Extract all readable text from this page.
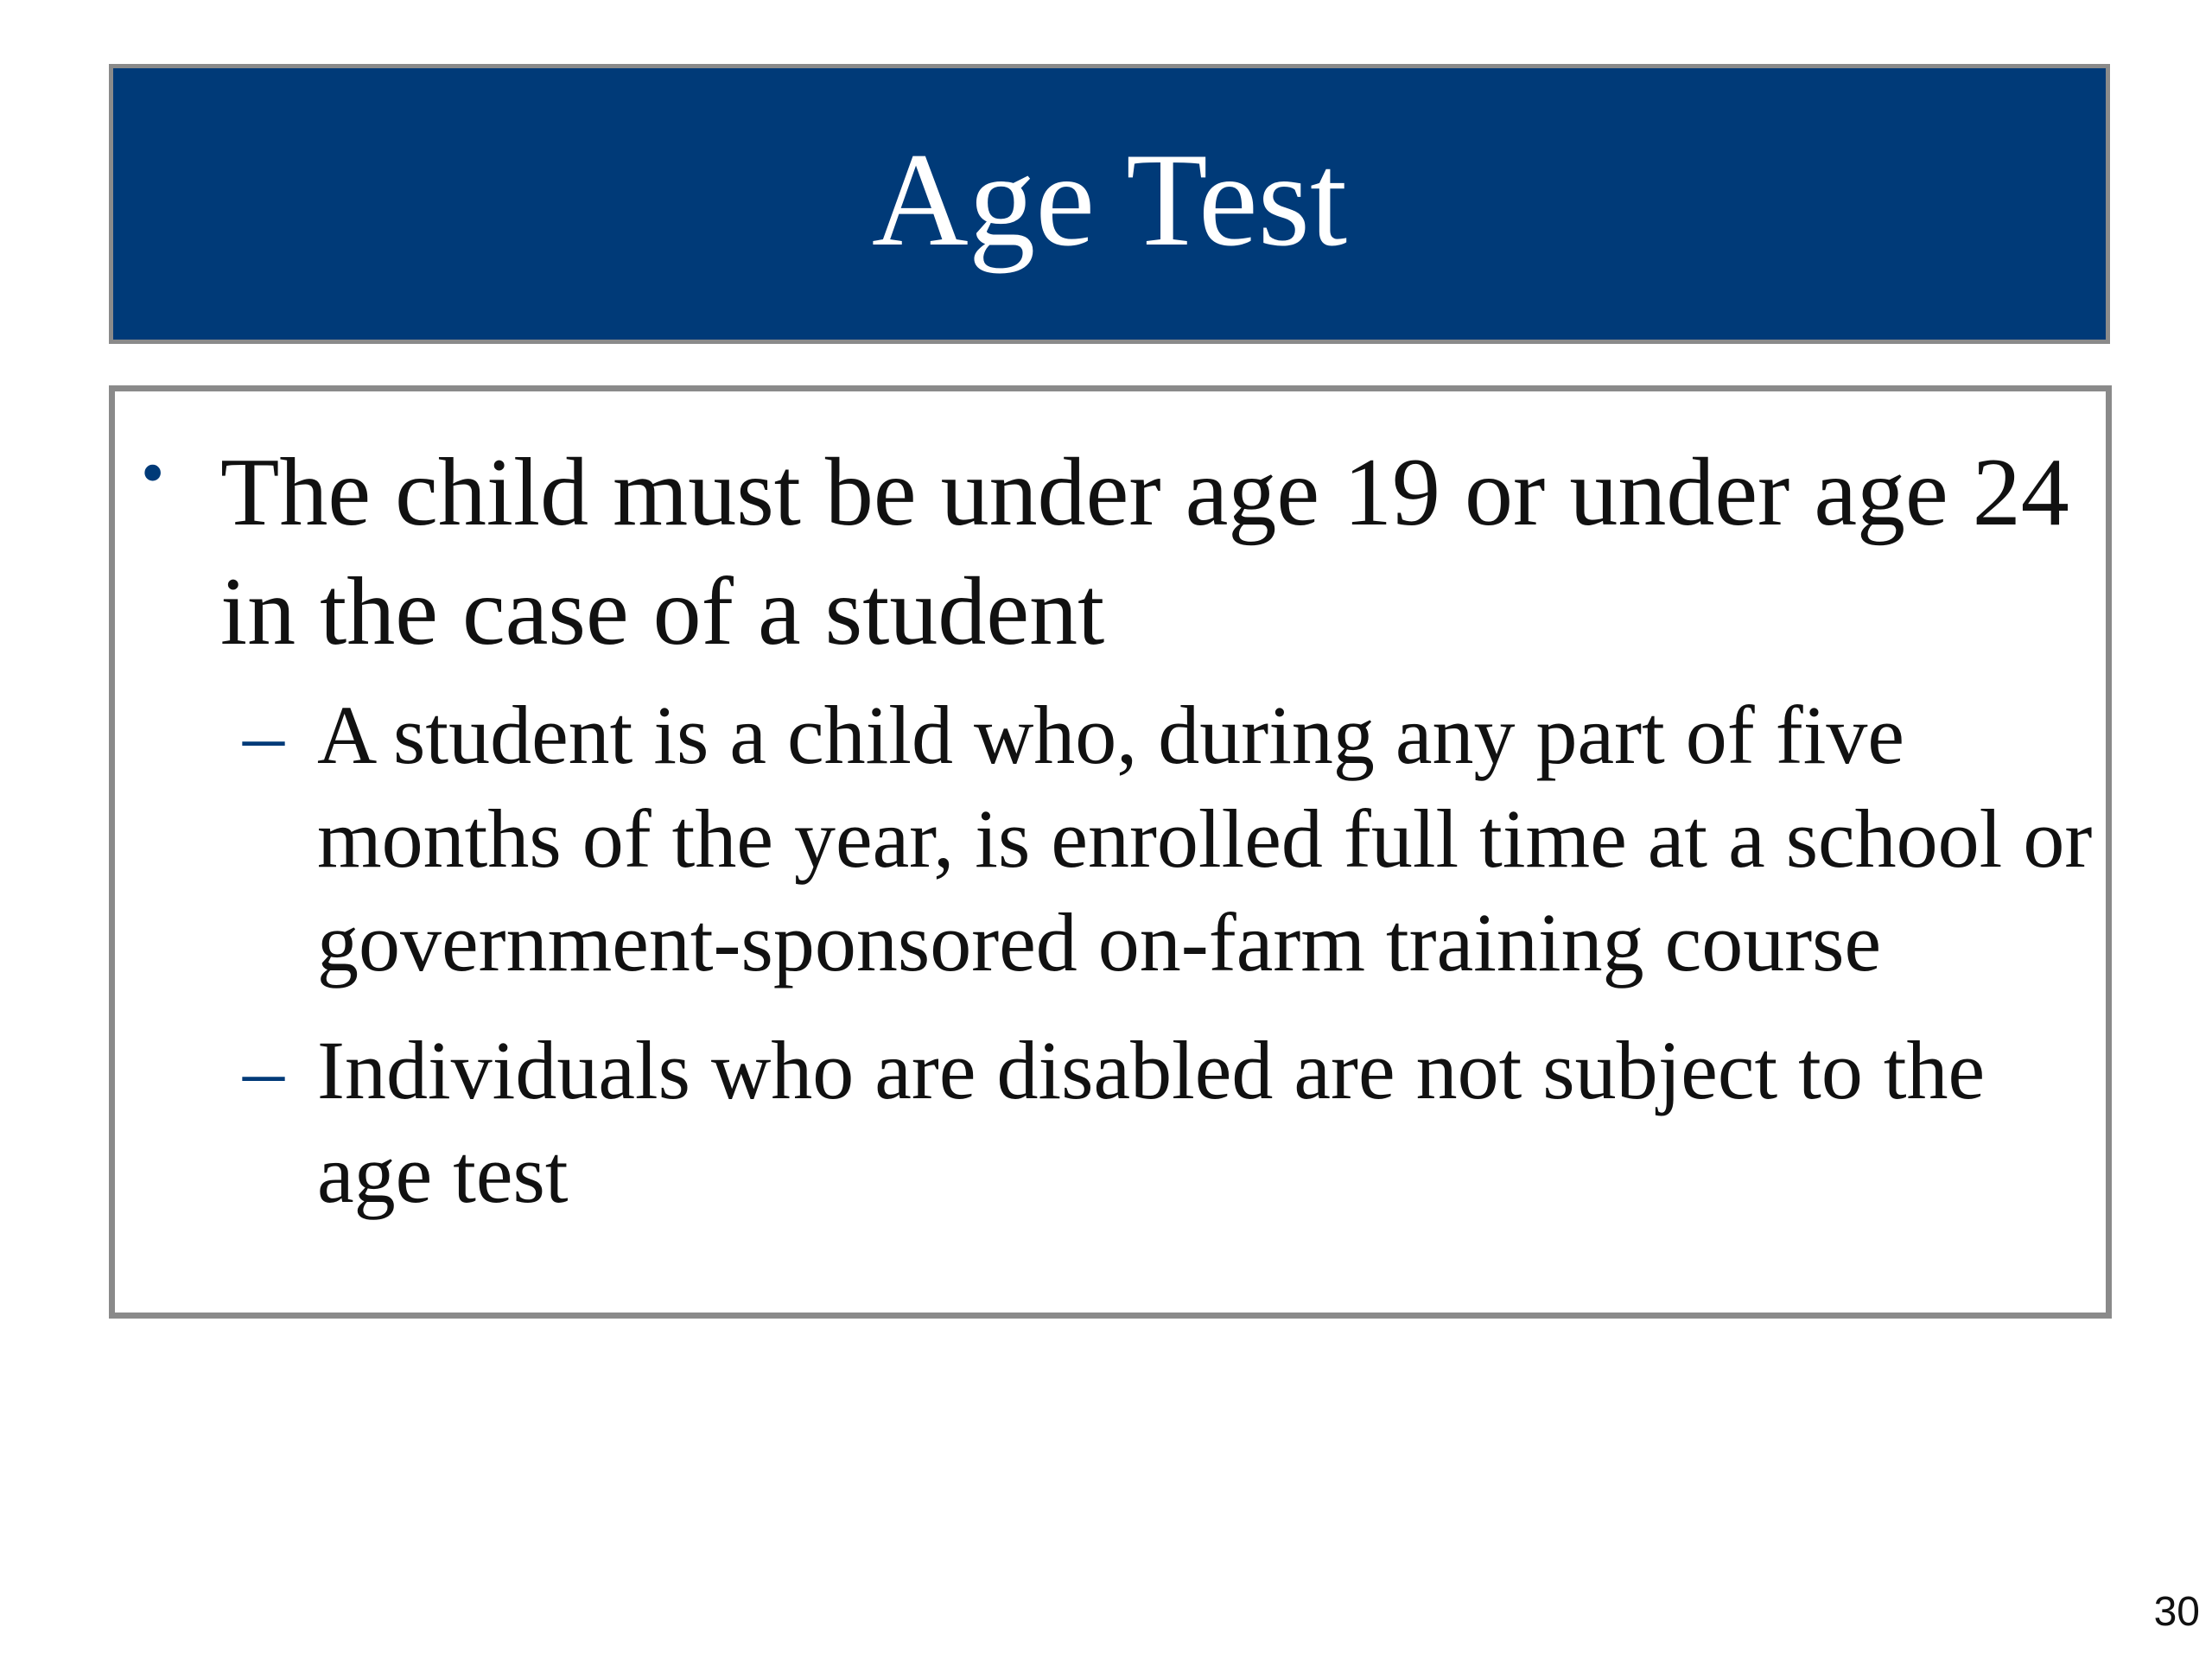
Age Test
• The child must be under age 19 or under age 24 in the case of a student
– A student is a child who, during any part of five months of the year, is enrolled full time at a school or government-sponsored on-farm training course
– Individuals who are disabled are not subject to the age test
30
